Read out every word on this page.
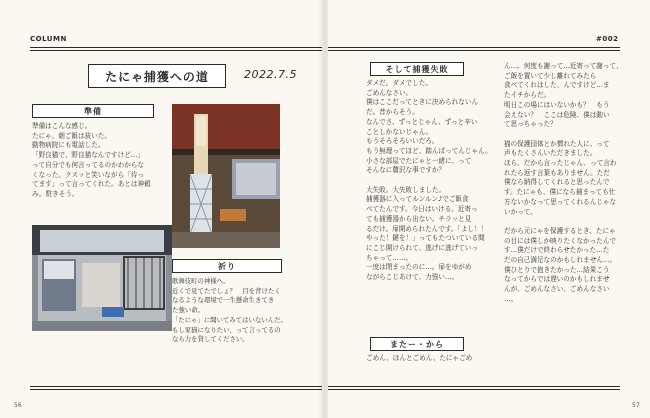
COLUMN
たにゃ捕獲への道	2022.7.5
準備
準備はこんな感じ。
たにゃ、朝ご飯は抜いた。
動物病院にも電話した。
「野良猫で、野良猫なんですけど…」
って自分でも何言ってるのかわからな
くなった。クスッと笑いながら「待っ
てます」って言ってくれた。あとは神頼
み。駐きそう。
祈り
歌舞伎町の神様へ。
近くで見てたでしょ？　目を背けたく
なるような環境で一生懸命生きてき
た強い命。
「たにゃ」に聞いてみてはいないんだ。
もし家猫になりたい、って言ってるの
なら力を貸してください。
56
#002
そして捕獲失敗
ダメだ。ダメでした。
ごめんなさい。
僕はここだってときに決められないん
だ。昔からそう。
なんでさ、ずっとじゃん、ずっと辛い
ことしかないじゃん。
もうそろそろいいだろ。
もう無理ってほど、踏んばってんじゃん。
小さな部屋でたにゃと一緒に、って
そんなに贅沢な事ですか？

大失敗。大失敗しました。
捕獲器に入ってルンルン♪でご飯食
べてたんです。今日はいける。近寄っ
ても捕獲器から出ない。チラッと見
るだけ。扉開められたんです。「よし！！
やった！鍵を！」ってもたついている間
にこじ開けられて、逃げに逃げていっ
ちゃって……。
一度は閉まったのに…。扉をゆがめ
ながらこじあけて、力強い…。
またー・から
ごめん、ほんとごめん、たにゃごめ
ん…。何度も謝って…近寄って謝って、
ご飯を置いて少し離れてみたら
食べてくれはした、んですけど…ま
たイチからだ。
明日この場にはいないかも？　もう
会えない？　ここは危険、僕は動い
て思っちゃった？

猫の保護団体とか慣れた人に、って
声もたくさんいただきました。
ほら、だから言ったじゃん、って言わ
れたら返す言葉もありません。ただ
僕なら納得してくれると思ったんで
す。たにゃも、僕になら捕まっても仕
方ないかなって思ってくれるんじゃな
いかって。

だから元にゃを保護するとき、たにゃ
の目には僕しか映りたくなかったんで
す…僕だけで終わらせたかった…た
だの自己満足なのかもしれません…。
僕ひとりで抱きたかった…結果こう
なってからでは遅いのかもしれませ
んが、ごめんなさい、ごめんなさい
…。
57
